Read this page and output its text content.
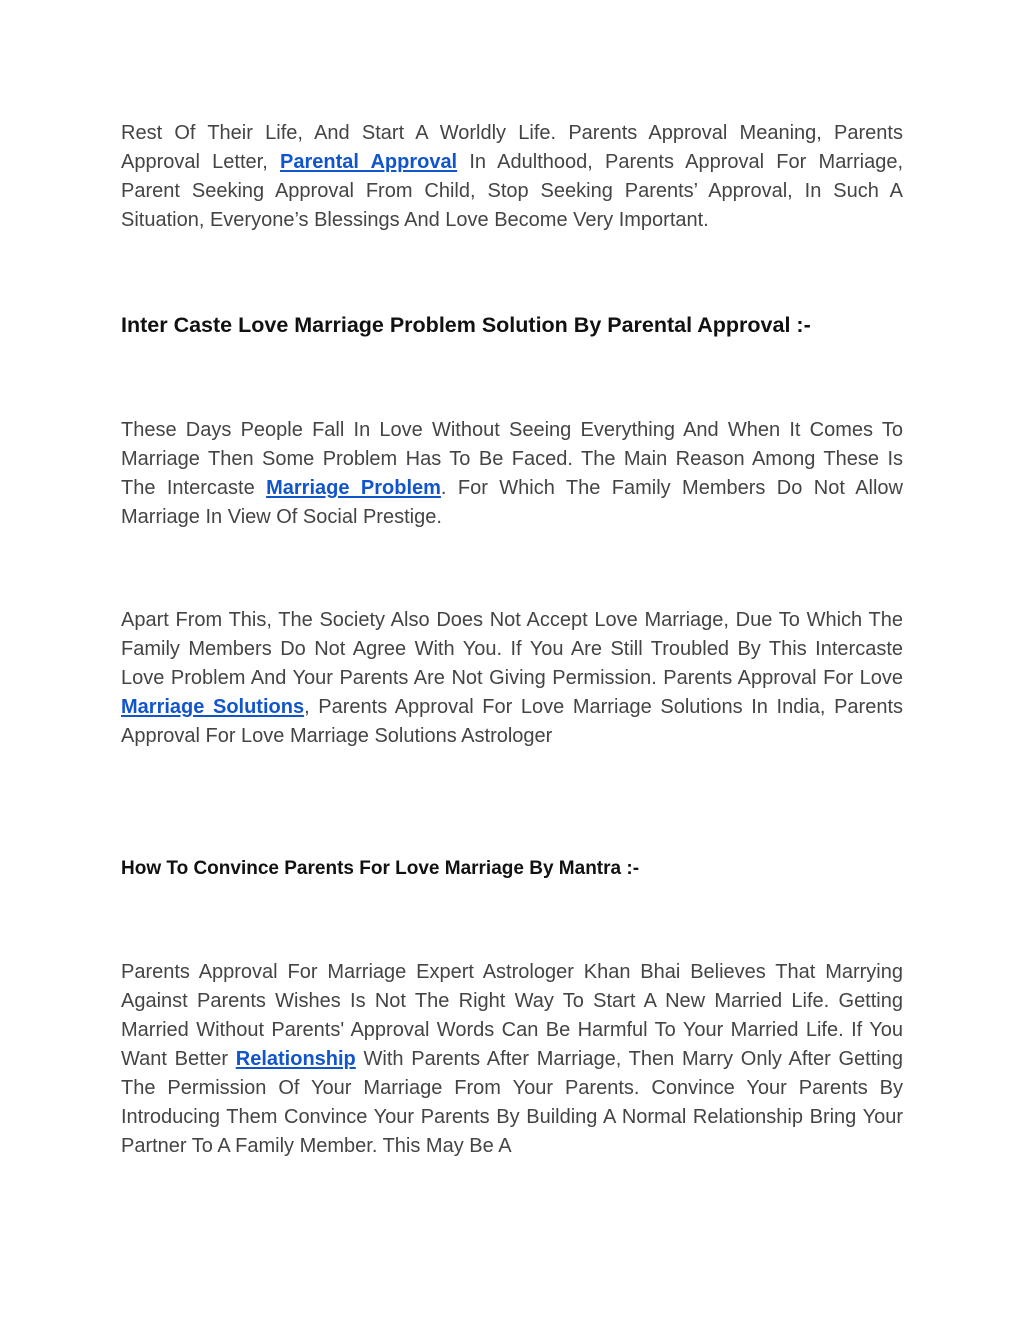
Rest Of Their Life, And Start A Worldly Life. Parents Approval Meaning, Parents Approval Letter, Parental Approval In Adulthood, Parents Approval For Marriage, Parent Seeking Approval From Child, Stop Seeking Parents’ Approval, In Such A Situation, Everyone’s Blessings And Love Become Very Important.

Inter Caste Love Marriage Problem Solution By Parental Approval :-

These Days People Fall In Love Without Seeing Everything And When It Comes To Marriage Then Some Problem Has To Be Faced. The Main Reason Among These Is The Intercaste Marriage Problem. For Which The Family Members Do Not Allow Marriage In View Of Social Prestige.

Apart From This, The Society Also Does Not Accept Love Marriage, Due To Which The Family Members Do Not Agree With You. If You Are Still Troubled By This Intercaste Love Problem And Your Parents Are Not Giving Permission. Parents Approval For Love Marriage Solutions, Parents Approval For Love Marriage Solutions In India, Parents Approval For Love Marriage Solutions Astrologer

How To Convince Parents For Love Marriage By Mantra :-

Parents Approval For Marriage Expert Astrologer Khan Bhai Believes That Marrying Against Parents Wishes Is Not The Right Way To Start A New Married Life. Getting Married Without Parents' Approval Words Can Be Harmful To Your Married Life. If You Want Better Relationship With Parents After Marriage, Then Marry Only After Getting The Permission Of Your Marriage From Your Parents. Convince Your Parents By Introducing Them Convince Your Parents By Building A Normal Relationship Bring Your Partner To A Family Member. This May Be A
